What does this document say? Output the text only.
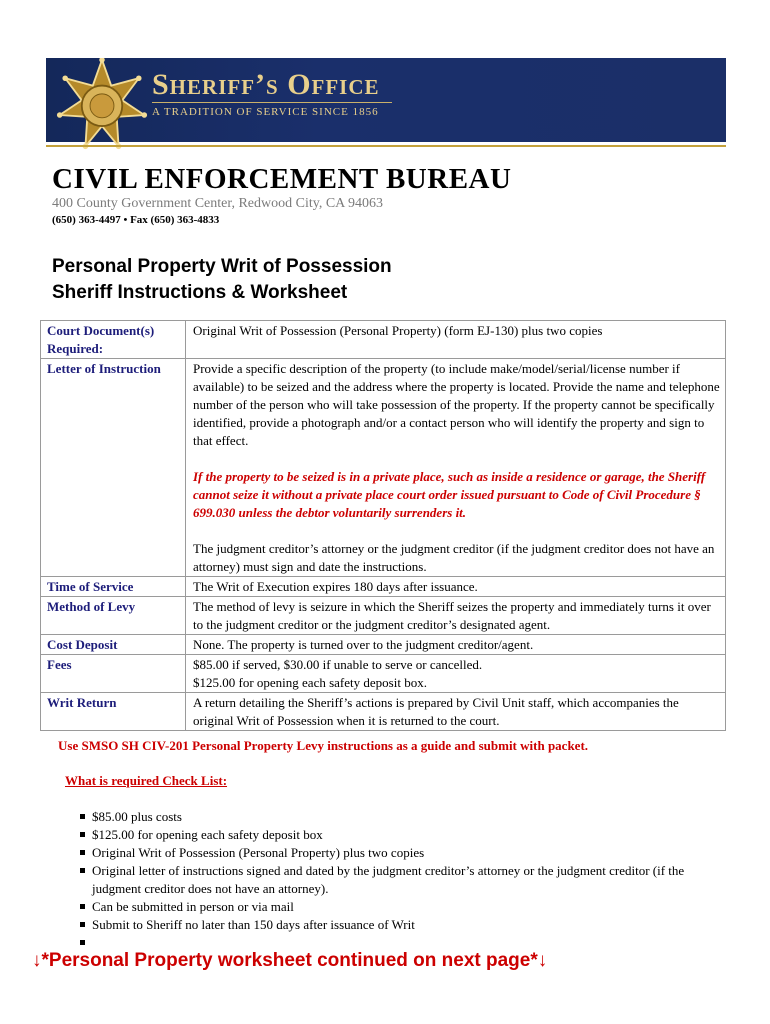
Sheriff’s Office
A TRADITION OF SERVICE SINCE 1856
CIVIL ENFORCEMENT BUREAU
400 County Government Center, Redwood City, CA 94063
(650) 363-4497 • Fax (650) 363-4833
Personal Property Writ of Possession
Sheriff Instructions & Worksheet
Court Document(s) Required:	Original Writ of Possession (Personal Property) (form EJ-130) plus two copies
Letter of Instruction	Provide a specific description of the property (to include make/model/serial/license number if available) to be seized and the address where the property is located. Provide the name and telephone number of the person who will take possession of the property. If the property cannot be specifically identified, provide a photograph and/or a contact person who will identify the property and sign to that effect.

If the property to be seized is in a private place, such as inside a residence or garage, the Sheriff cannot seize it without a private place court order issued pursuant to Code of Civil Procedure § 699.030 unless the debtor voluntarily surrenders it.

The judgment creditor’s attorney or the judgment creditor (if the judgment creditor does not have an attorney) must sign and date the instructions.

Time of Service	The Writ of Execution expires 180 days after issuance.
Method of Levy	The method of levy is seizure in which the Sheriff seizes the property and immediately turns it over to the judgment creditor or the judgment creditor’s designated agent.
Cost Deposit	None. The property is turned over to the judgment creditor/agent.
Fees	$85.00 if served, $30.00 if unable to serve or cancelled.

$125.00 for opening each safety deposit box.

Writ Return	A return detailing the Sheriff’s actions is prepared by Civil Unit staff, which accompanies the original Writ of Possession when it is returned to the court.
Use SMSO SH CIV-201 Personal Property Levy instructions as a guide and submit with packet.
What is required Check List:
$85.00 plus costs
$125.00 for opening each safety deposit box
Original Writ of Possession (Personal Property) plus two copies
Original letter of instructions signed and dated by the judgment creditor’s attorney or the judgment creditor (if the judgment creditor does not have an attorney).
Can be submitted in person or via mail
Submit to Sheriff no later than 150 days after issuance of Writ

↓*Personal Property worksheet continued on next page*↓
